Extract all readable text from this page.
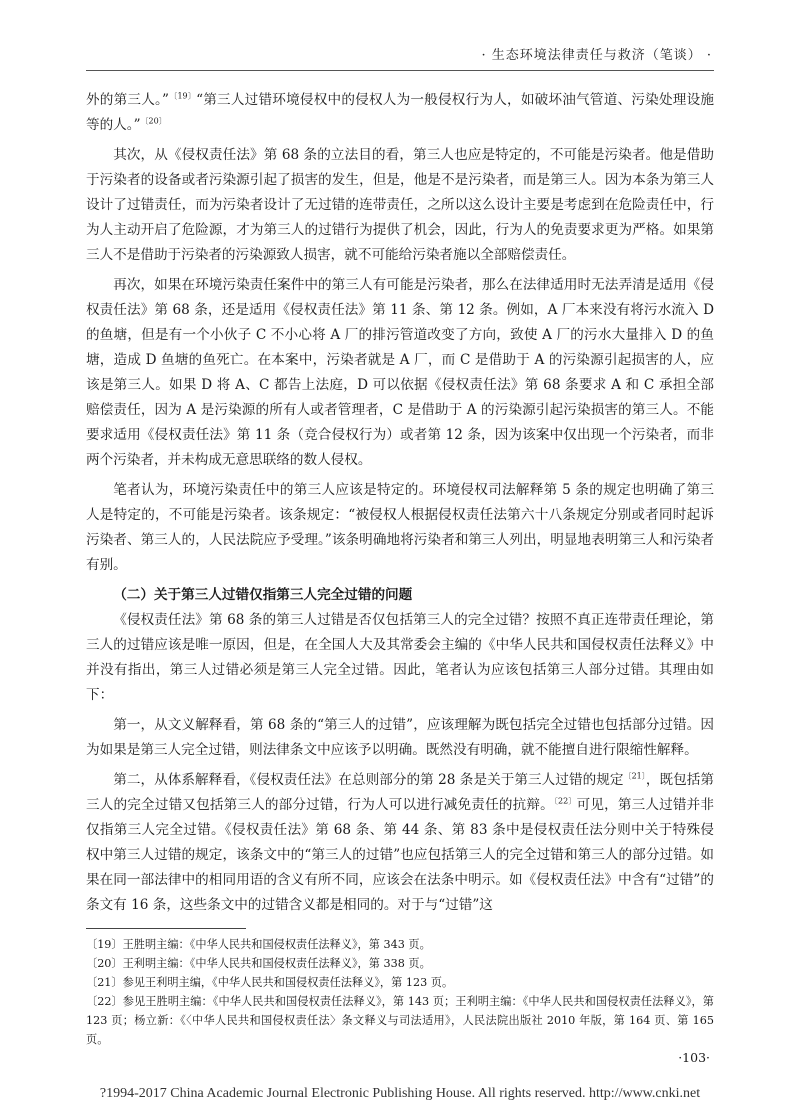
· 生态环境法律责任与救济（笔谈） ·

外的第三人。”$^{〔19〕}$“第三人过错环境侵权中的侵权人为一般侵权行为人，如破坏油气管道、污染处理设施等的人。”$^{〔20〕}$

其次，从《侵权责任法》第 68 条的立法目的看，第三人也应是特定的，不可能是污染者。他是借助于污染者的设备或者污染源引起了损害的发生，但是，他是不是污染者，而是第三人。因为本条为第三人设计了过错责任，而为污染者设计了无过错的连带责任，之所以这么设计主要是考虑到在危险责任中，行为人主动开启了危险源，才为第三人的过错行为提供了机会，因此，行为人的免责要求更为严格。如果第三人不是借助于污染者的污染源致人损害，就不可能给污染者施以全部赔偿责任。

再次，如果在环境污染责任案件中的第三人有可能是污染者，那么在法律适用时无法弄清是适用《侵权责任法》第 68 条，还是适用《侵权责任法》第 11 条、第 12 条。例如，A 厂本来没有将污水流入 D 的鱼塘，但是有一个小伙子 C 不小心将 A 厂的排污管道改变了方向，致使 A 厂的污水大量排入 D 的鱼塘，造成 D 鱼塘的鱼死亡。在本案中，污染者就是 A 厂，而 C 是借助于 A 的污染源引起损害的人，应该是第三人。如果 D 将 A、C 都告上法庭，D 可以依据《侵权责任法》第 68 条要求 A 和 C 承担全部赔偿责任，因为 A 是污染源的所有人或者管理者，C 是借助于 A 的污染源引起污染损害的第三人。不能要求适用《侵权责任法》第 11 条（竞合侵权行为）或者第 12 条，因为该案中仅出现一个污染者，而非两个污染者，并未构成无意思联络的数人侵权。

笔者认为，环境污染责任中的第三人应该是特定的。环境侵权司法解释第 5 条的规定也明确了第三人是特定的，不可能是污染者。该条规定：“被侵权人根据侵权责任法第六十八条规定分别或者同时起诉污染者、第三人的，人民法院应予受理。”该条明确地将污染者和第三人列出，明显地表明第三人和污染者有别。

（二）关于第三人过错仅指第三人完全过错的问题

《侵权责任法》第 68 条的第三人过错是否仅包括第三人的完全过错？按照不真正连带责任理论，第三人的过错应该是唯一原因，但是，在全国人大及其常委会主编的《中华人民共和国侵权责任法释义》中并没有指出，第三人过错必须是第三人完全过错。因此，笔者认为应该包括第三人部分过错。其理由如下：

第一，从文义解释看，第 68 条的“第三人的过错”，应该理解为既包括完全过错也包括部分过错。因为如果是第三人完全过错，则法律条文中应该予以明确。既然没有明确，就不能擅自进行限缩性解释。

第二，从体系解释看，《侵权责任法》在总则部分的第 28 条是关于第三人过错的规定$^{〔21〕}$，既包括第三人的完全过错又包括第三人的部分过错，行为人可以进行减免责任的抗辩。$^{〔22〕}$可见，第三人过错并非仅指第三人完全过错。《侵权责任法》第 68 条、第 44 条、第 83 条中是侵权责任法分则中关于特殊侵权中第三人过错的规定，该条文中的“第三人的过错”也应包括第三人的完全过错和第三人的部分过错。如果在同一部法律中的相同用语的含义有所不同，应该会在法条中明示。如《侵权责任法》中含有“过错”的条文有 16 条，这些条文中的过错含义都是相同的。对于与“过错”这

〔19〕王胜明主编：《中华人民共和国侵权责任法释义》，第 343 页。

〔20〕王利明主编：《中华人民共和国侵权责任法释义》，第 338 页。

〔21〕参见王利明主编，《中华人民共和国侵权责任法释义》，第 123 页。

〔22〕参见王胜明主编：《中华人民共和国侵权责任法释义》，第 143 页；王利明主编：《中华人民共和国侵权责任法释义》，第 123 页；杨立新：《〈中华人民共和国侵权责任法〉条文释义与司法适用》，人民法院出版社 2010 年版，第 164 页、第 165 页。

·103·
?1994-2017 China Academic Journal Electronic Publishing House. All rights reserved. http://www.cnki.net
